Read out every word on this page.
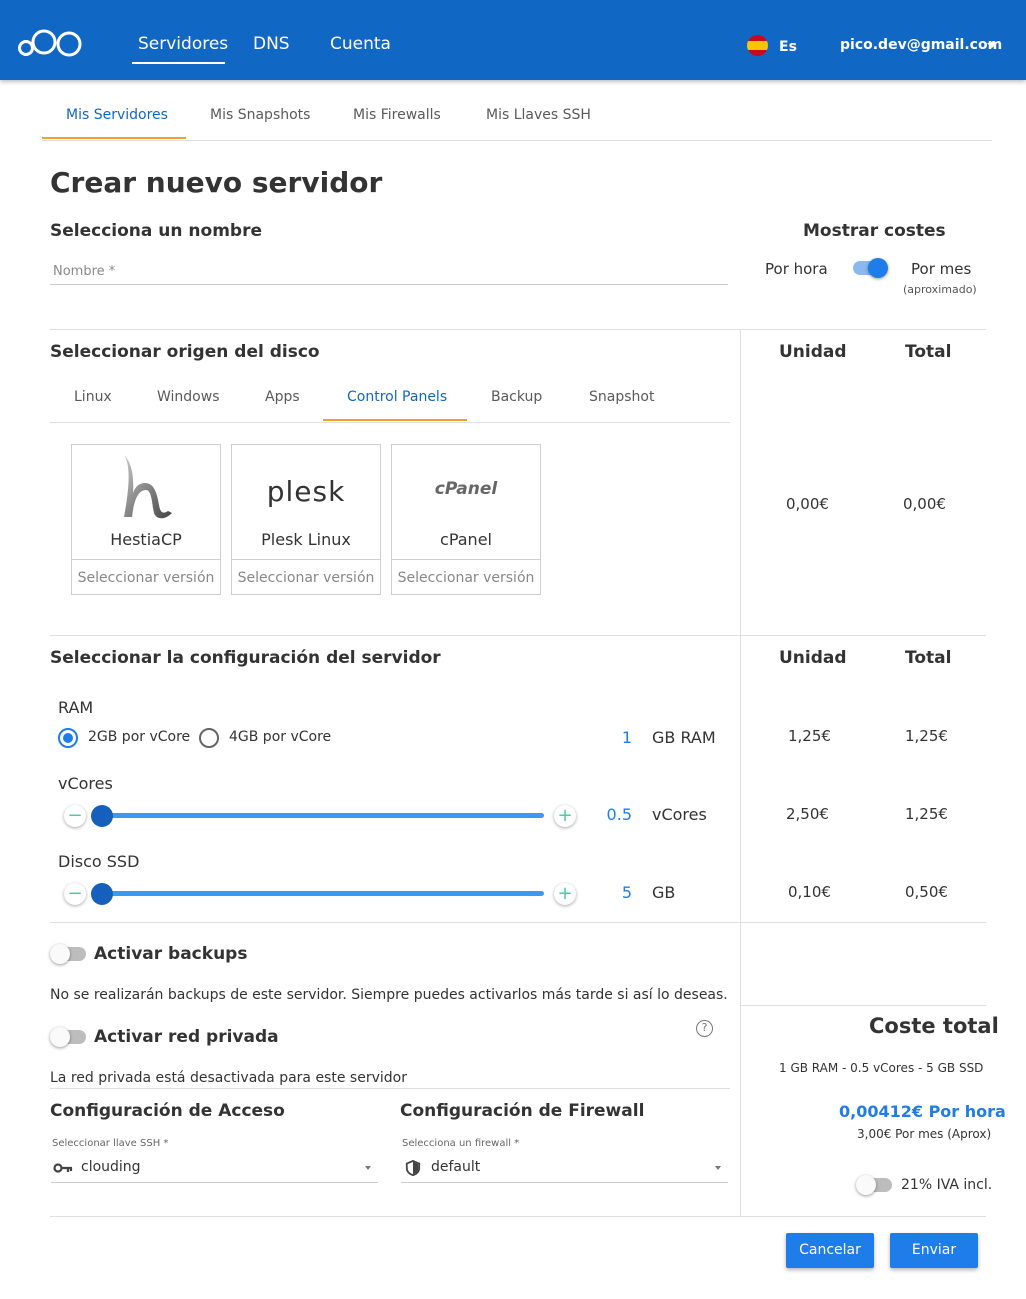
Servidores DNS Cuenta	Es	pico.dev@gmail.com
Mis Servidores	Mis Snapshots	Mis Firewalls	Mis Llaves SSH
Crear nuevo servidor
Selecciona un nombre
Nombre *	Mostrar costes
Por hora	Por mes
(aproximado)
Seleccionar origen del disco	Unidad	Total
Linux	Windows	Apps	Control Panels	Backup	Snapshot
HestiaCP
Seleccionar versión
plesk
Plesk Linux
Seleccionar versión
cPanel
cPanel
Seleccionar versión
0,00€	0,00€
Seleccionar la configuración del servidor	Unidad	Total
RAM
2GB por vCore	4GB por vCore	1 GB RAM	1,25€	1,25€
vCores
−	+	0.5 vCores	2,50€	1,25€
Disco SSD
−	+	5 GB	0,10€	0,50€
Activar backups
No se realizarán backups de este servidor. Siempre puedes activarlos más tarde si así lo deseas.
Activar red privada	?
La red privada está desactivada para este servidor
Configuración de Acceso
Seleccionar llave SSH *
clouding
Configuración de Firewall
Selecciona un firewall *
default
Coste total
1 GB RAM - 0.5 vCores - 5 GB SSD
0,00412€ Por hora
3,00€ Por mes (Aprox)
21% IVA incl.
Cancelar	Enviar
